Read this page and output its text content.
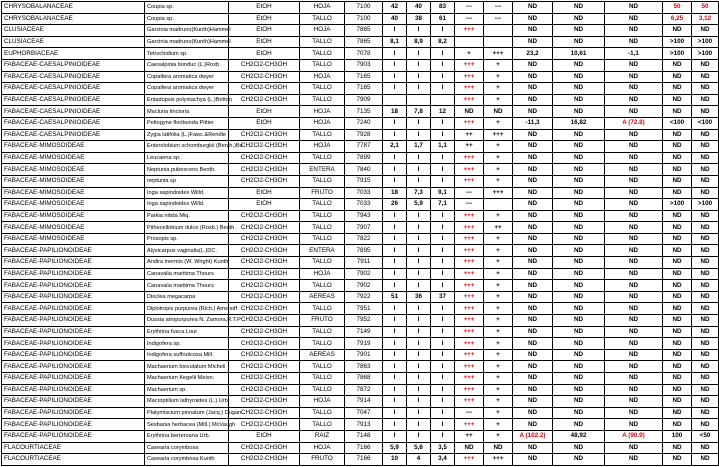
CHRYSOBALANACEAE	Coupia sp.	EtOH	HOJA	7100	42	40	83	---	---	ND	ND	ND	50	50
CHRYSOBALANACEAE	Coupia sp.	EtOH	TALLO	7100	40	38	61	---	---	ND	ND	ND	6,25	3,12
CLUSIACEAE	Garcinia madruno(Kunth)Hammel	EtOH	HOJA	7865	I	I	I	+++		ND	ND	ND	ND	ND
CLUSIACEAE	Garcinia madruno(Kunth)Hammel	EtOH	TALLO	7865	8,1	8,9	8,2			ND	ND	ND	>100	>100
EUPHORBIACEAE	Tetrochidium sp.	EtOH	TALLO	7078	I	I	I	+	+++	23,2	10,61	-1,1	>100	>100
FABACEAE-CAESALPINIOIDEAE	Caesalpinia bonduc (L.)Roxb.	CH2Cl2-CH3OH	TALLO	7903	I	I	I	+++	+	ND	ND	ND	ND	ND
FABACEAE-CAESALPINIOIDEAE	Copaifera aromatica dwyer	CH2Cl2-CH3OH	HOJA	7165	I	I	I	+++	+	ND	ND	ND	ND	ND
FABACEAE-CAESALPINIOIDEAE	Copaifera aromatica dwyer	CH2Cl2-CH3OH	TALLO	7165	I	I	I	+++	+	ND	ND	ND	ND	ND
FABACEAE-CAESALPINIOIDEAE	Entadopsis polystachya (L.)Britton	CH2Cl2-CH3OH	TALLO	7909				+++	+	ND	ND	ND	ND	ND
FABACEAE-CAESALPINIOIDEAE	Macluria tinctoria	EtOH	HOJA	7135	18	7,8	12	ND	ND	ND	ND	ND	ND	ND
FABACEAE-CAESALPINIOIDEAE	Peltogyne floribunda Pittier	EtOH	HOJA	7240	I	I	I	+++	+	-11,3	16,82	A (72.8)	<100	<100
FABACEAE-CAESALPINIOIDEAE	Zygia latifolia (L.)Fawc.&Rendle	CH2Cl2-CH3OH	TALLO	7928	I	I	I	++	+++	ND	ND	ND	ND	ND
FABACEAE-MIMOSOIDEAE	Enterolobium schomburgkii (Benth.)Be	CH2Cl2-CH3OH	HOJA	7787	2,1	1,7	1,1	++	+	ND	ND	ND	ND	ND
FABACEAE-MIMOSOIDEAE	Leucaena sp.	CH2Cl2-CH3OH	TALLO	7899	I	I	I	+++	+	ND	ND	ND	ND	ND
FABACEAE-MIMOSOIDEAE	Neptunia pubescens Benth.	CH2Cl2-CH3OH	ENTERA	7840	I	I	I	+++	+	ND	ND	ND	ND	ND
FABACEAE-MIMOSOIDEAE	neptunia sp	CH2Cl2-CH3OH	TALLO	7915	I	I	I	+++	+	ND	ND	ND	ND	ND
FABACEAE-MIMOSOIDEAE	Inga sapindoides Willd.	EtOH	FRUTO	7033	18	7,3	9,1	---	+++	ND	ND	ND	ND	ND
FABACEAE-MIMOSOIDEAE	Inga sapindoides Willd.	EtOH	TALLO	7033	26	5,9	7,1	---		ND	ND	ND	>100	>100
FABACEAE-MIMOSOIDEAE	Parkia nitida Miq.	CH2Cl2-CH3OH	TALLO	7943	I	I	I	+++	+	ND	ND	ND	ND	ND
FABACEAE-MIMOSOIDEAE	Pithecellobium dulce (Roxb.) Benth.	CH2Cl2-CH3OH	TALLO	7907	I	I	I	+++	++	ND	ND	ND	ND	ND
FABACEAE-MIMOSOIDEAE	Prosopis sp.	CH2Cl2-CH3OH	TALLO	7822	I	I	I	+++	+	ND	ND	ND	ND	ND
FABACEAE-PAPILIONOIDEAE	Alysicarpus vaginalis(L.)DC.	CH2Cl2-CH3OH	ENTERA	7895	I	I	I	+++	+	ND	ND	ND	ND	ND
FABACEAE-PAPILIONOIDEAE	Andira inermis (W. Wright) Kunth	CH2Cl2-CH3OH	TALLO	7911	I	I	I	+++	+	ND	ND	ND	ND	ND
FABACEAE-PAPILIONOIDEAE	Canavalia maritima Thours	CH2Cl2-CH3OH	HOJA	7902	I	I	I	+++	+	ND	ND	ND	ND	ND
FABACEAE-PAPILIONOIDEAE	Canavalia maritima Thours	CH2Cl2-CH3OH	TALLO	7902	I	I	I	+++	+	ND	ND	ND	ND	ND
FABACEAE-PAPILIONOIDEAE	Dioclea megacarpa	CH2Cl2-CH3OH	AEREAS	7922	51	36	37	+++	+	ND	ND	ND	ND	ND
FABACEAE-PAPILIONOIDEAE	Diplotropis purpurea (Rich.) Amshoff	CH2Cl2-CH3OH	TALLO	7951	I	I	I	+++	+	ND	ND	ND	ND	ND
FABACEAE-PAPILIONOIDEAE	Dussia atropurpurea N. Zamora,R.T.P	CH2Cl2-CH3OH	FRUTO	7952	I	I	I	+++	+	ND	ND	ND	ND	ND
FABACEAE-PAPILIONOIDEAE	Erythrina fusca Lour	CH2Cl2-CH3OH	TALLO	7149	I	I	I	+++	+	ND	ND	ND	ND	ND
FABACEAE-PAPILIONOIDEAE	Indigofera sp.	CH2Cl2-CH3OH	TALLO	7919	I	I	I	+++	+	ND	ND	ND	ND	ND
FABACEAE-PAPILIONOIDEAE	Indigofera suffruticosa Mill.	CH2Cl2-CH3OH	AEREAS	7901	I	I	I	+++	+	ND	ND	ND	ND	ND
FABACEAE-PAPILIONOIDEAE	Machaerium biovulatum Micheli	CH2Cl2-CH3OH	TALLO	7863	I	I	I	+++	+	ND	ND	ND	ND	ND
FABACEAE-PAPILIONOIDEAE	Machaerium Kegelii Meisn.	CH2Cl2-CH3OH	TALLO	7868	I	I	I	+++	+	ND	ND	ND	ND	ND
FABACEAE-PAPILIONOIDEAE	Machaerium sp.	CH2Cl2-CH3OH	TALLO	7872	I	I	I	+++	+	ND	ND	ND	ND	ND
FABACEAE-PAPILIONOIDEAE	Macroptilium lathyroides (L.) Urb.	CH2Cl2-CH3OH	HOJA	7914	I	I	I	+++	+	ND	ND	ND	ND	ND
FABACEAE-PAPILIONOIDEAE	Platymiscium pinnatum (Jacq.) Dugan	CH2Cl2-CH3OH	TALLO	7047	I	I	I	---	+	ND	ND	ND	ND	ND
FABACEAE-PAPILIONOIDEAE	Sesbania herbacea (Mill.) McVaugh	CH2Cl2-CH3OH	TALLO	7913	I	I	I	+++	+	ND	ND	ND	ND	ND
FABACEAE-PAPILIONOIDEAE	Erythrina berteroana Urb.	EtOH	RAIZ	7148	I	I	I	++	+	A (102.2)	48,92	A (90.9)	100	<50
FLACOURTIACEAE	Casearia corymbosa	CH2Cl2-CH3OH	HOJA	7166	5,9	5,6	3,5	ND	ND	ND	ND	ND	ND	ND
FLACOURTIACEAE	Casearia corymbosa Kunth	CH2Cl2-CH3OH	FRUTO	7166	10	4	3,4	+++	+++	ND	ND	ND	ND	ND
